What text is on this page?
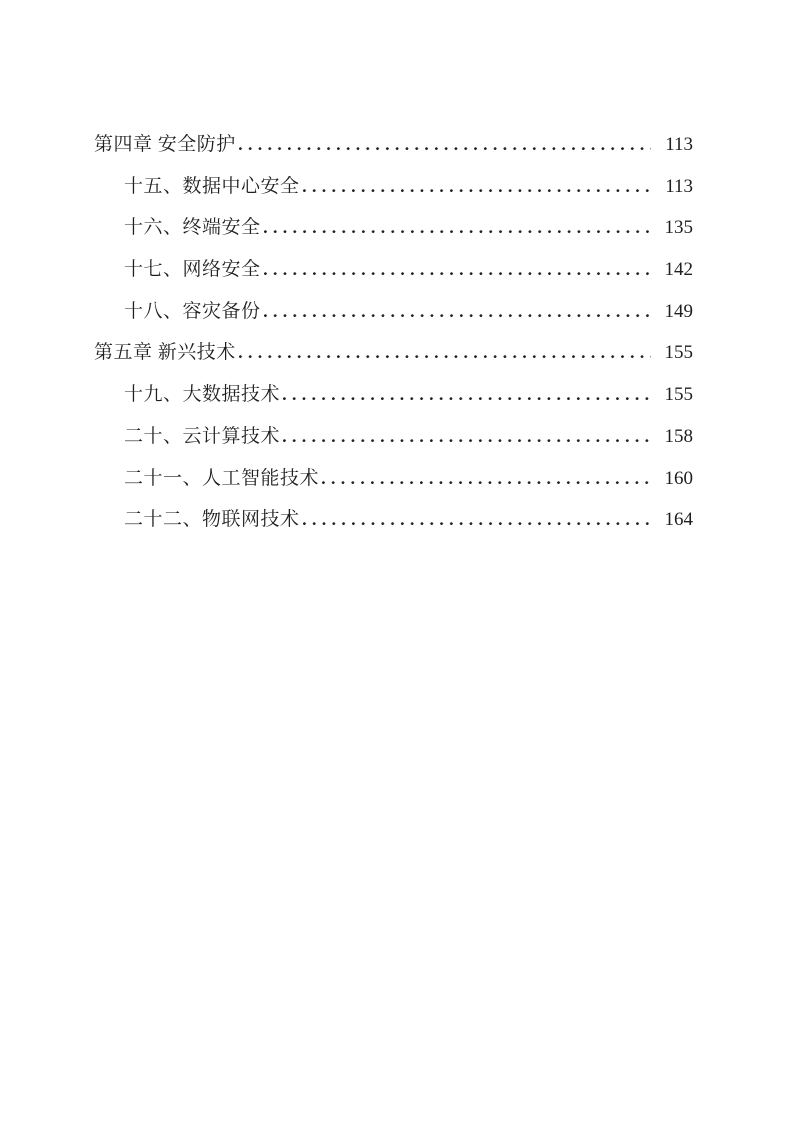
第四章 安全防护	113
十五、数据中心安全	113
十六、终端安全	135
十七、网络安全	142
十八、容灾备份	149
第五章 新兴技术	155
十九、大数据技术	155
二十、云计算技术	158
二十一、人工智能技术	160
二十二、物联网技术	164
